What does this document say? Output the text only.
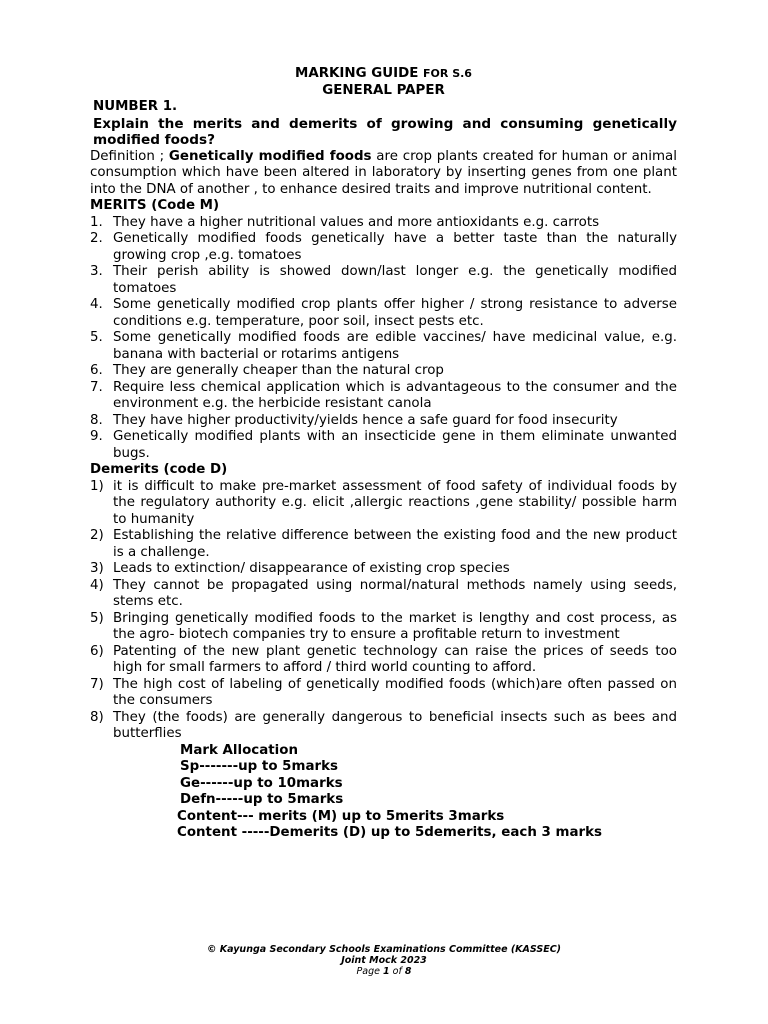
MARKING GUIDE FOR S.6
GENERAL PAPER
NUMBER 1.
Explain the merits and demerits of growing and consuming genetically modified foods?
Definition ; Genetically modified foods are crop plants created for human or animal consumption which have been altered in laboratory by inserting genes from one plant into the DNA of another , to enhance desired traits and improve nutritional content.
MERITS (Code M)
1. They have a higher nutritional values and more antioxidants e.g. carrots
2. Genetically modified foods genetically have a better taste than the naturally growing crop ,e.g. tomatoes
3. Their perish ability is showed down/last longer e.g. the genetically modified tomatoes
4. Some genetically modified crop plants offer higher / strong resistance to adverse conditions e.g. temperature, poor soil, insect pests etc.
5. Some genetically modified foods are edible vaccines/ have medicinal value, e.g. banana with bacterial or rotarims antigens
6. They are generally cheaper than the natural crop
7. Require less chemical application which is advantageous to the consumer and the environment e.g. the herbicide resistant canola
8. They have higher productivity/yields hence a safe guard for food insecurity
9. Genetically modified plants with an insecticide gene in them eliminate unwanted bugs.
Demerits (code D)
1) it is difficult to make pre-market assessment of food safety of individual foods by the regulatory authority e.g. elicit ,allergic reactions ,gene stability/ possible harm to humanity
2) Establishing the relative difference between the existing food and the new product is a challenge.
3) Leads to extinction/ disappearance of existing crop species
4) They cannot be propagated using normal/natural methods namely using seeds, stems etc.
5) Bringing genetically modified foods to the market is lengthy and cost process, as the agro- biotech companies try to ensure a profitable return to investment
6) Patenting of the new plant genetic technology can raise the prices of seeds too high for small farmers to afford / third world counting to afford.
7) The high cost of labeling of genetically modified foods (which)are often passed on the consumers
8) They (the foods) are generally dangerous to beneficial insects such as bees and butterflies
Mark Allocation
Sp-------up to 5marks
Ge------up to 10marks
Defn-----up to 5marks
Content--- merits (M) up to 5merits 3marks
Content -----Demerits (D) up to 5demerits, each 3 marks
© Kayunga Secondary Schools Examinations Committee (KASSEC)
Joint Mock 2023
Page 1 of 8
